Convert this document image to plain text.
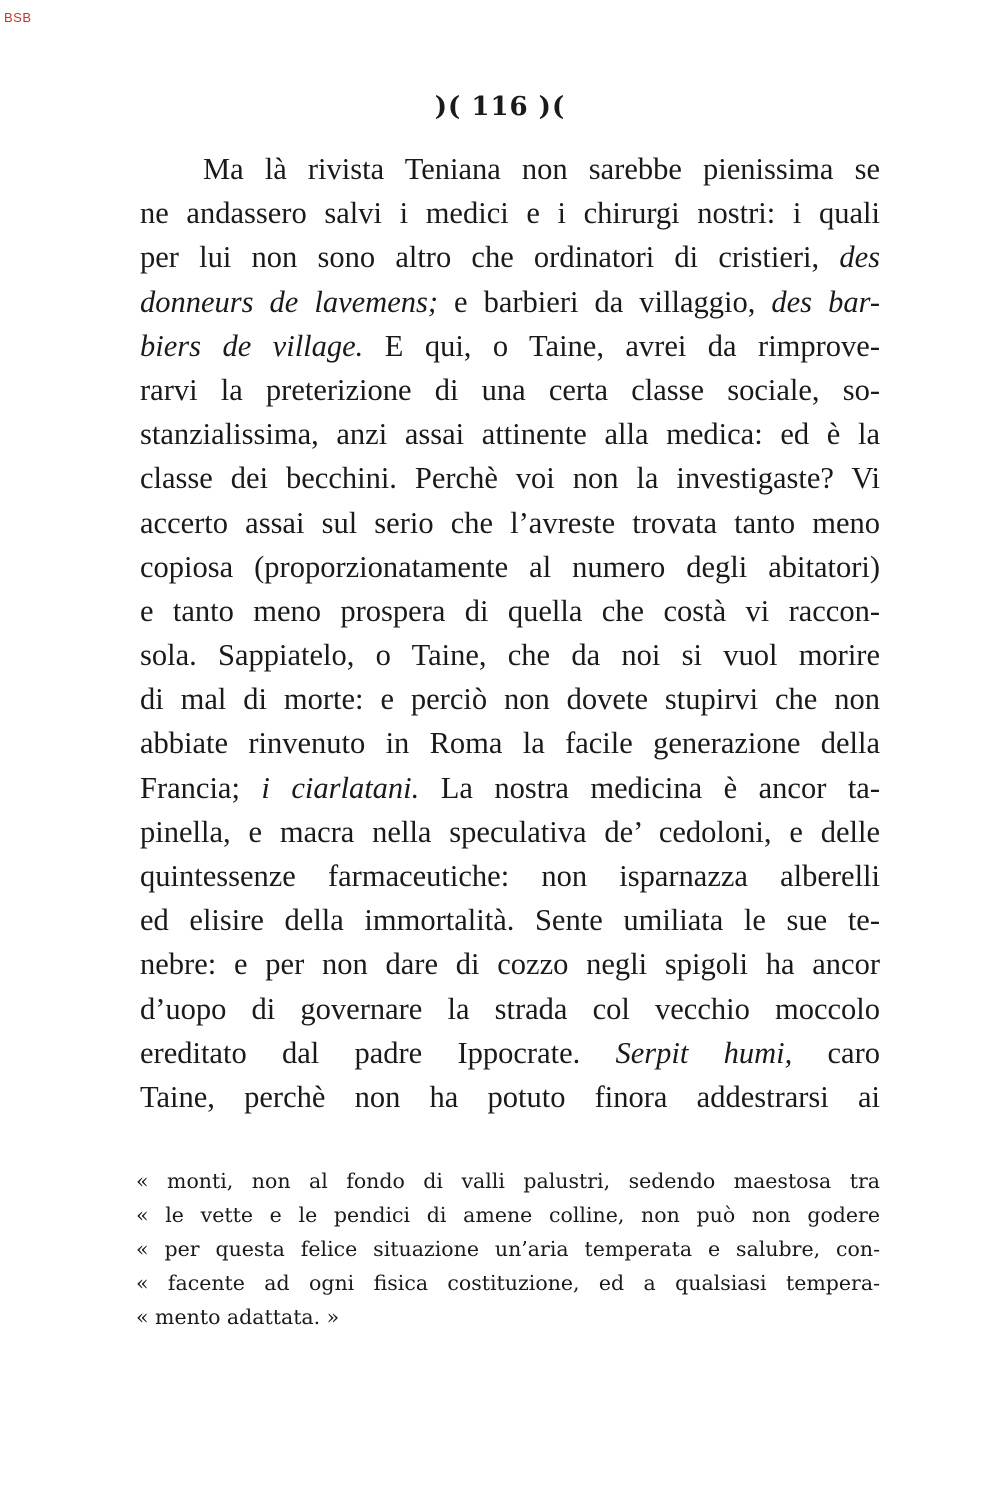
BSB
)( 116 )(
Ma là rivista Teniana non sarebbe pienissima se
ne andassero salvi i medici e i chirurgi nostri: i quali
per lui non sono altro che ordinatori di cristieri, des
donneurs de lavemens; e barbieri da villaggio, des bar-
biers de village. E qui, o Taine, avrei da rimprove-
rarvi la preterizione di una certa classe sociale, so-
stanzialissima, anzi assai attinente alla medica: ed è la
classe dei becchini. Perchè voi non la investigaste? Vi
accerto assai sul serio che l’avreste trovata tanto meno
copiosa (proporzionatamente al numero degli abitatori)
e tanto meno prospera di quella che costà vi raccon-
sola. Sappiatelo, o Taine, che da noi si vuol morire
di mal di morte: e perciò non dovete stupirvi che non
abbiate rinvenuto in Roma la facile generazione della
Francia; i ciarlatani. La nostra medicina è ancor ta-
pinella, e macra nella speculativa de’ cedoloni, e delle
quintessenze farmaceutiche: non isparnazza alberelli
ed elisire della immortalità. Sente umiliata le sue te-
nebre: e per non dare di cozzo negli spigoli ha ancor
d’uopo di governare la strada col vecchio moccolo
ereditato dal padre Ippocrate. Serpit humi, caro
Taine, perchè non ha potuto finora addestrarsi ai
« monti, non al fondo di valli palustri, sedendo maestosa tra
« le vette e le pendici di amene colline, non può non godere
« per questa felice situazione un’aria temperata e salubre, con-
« facente ad ogni fisica costituzione, ed a qualsiasi tempera-
« mento adattata. »
